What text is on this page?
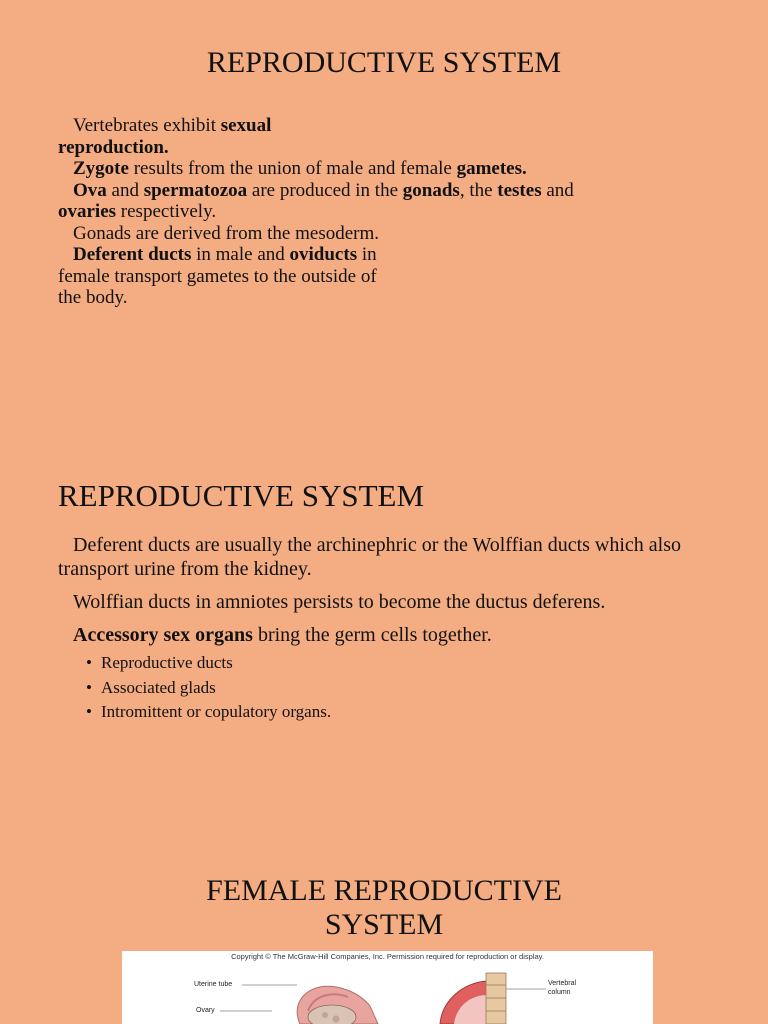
REPRODUCTIVE SYSTEM
Vertebrates exhibit sexual
reproduction.
Zygote results from the union of male and female gametes.
Ova and spermatozoa are produced in the gonads, the testes and
ovaries respectively.
Gonads are derived from the mesoderm.
Deferent ducts in male and oviducts in
female transport gametes to the outside of
the body.
REPRODUCTIVE SYSTEM
Deferent ducts are usually the archinephric or the Wolffian ducts which also transport urine from the kidney.
Wolffian ducts in amniotes persists to become the ductus deferens.
Accessory sex organs bring the germ cells together.
• Reproductive ducts
• Associated glads
• Intromittent or copulatory organs.
FEMALE REPRODUCTIVE
SYSTEM
Copyright © The McGraw-Hill Companies, Inc. Permission required for reproduction or display.
Uterine tube
Ovary
Vertebral
column
